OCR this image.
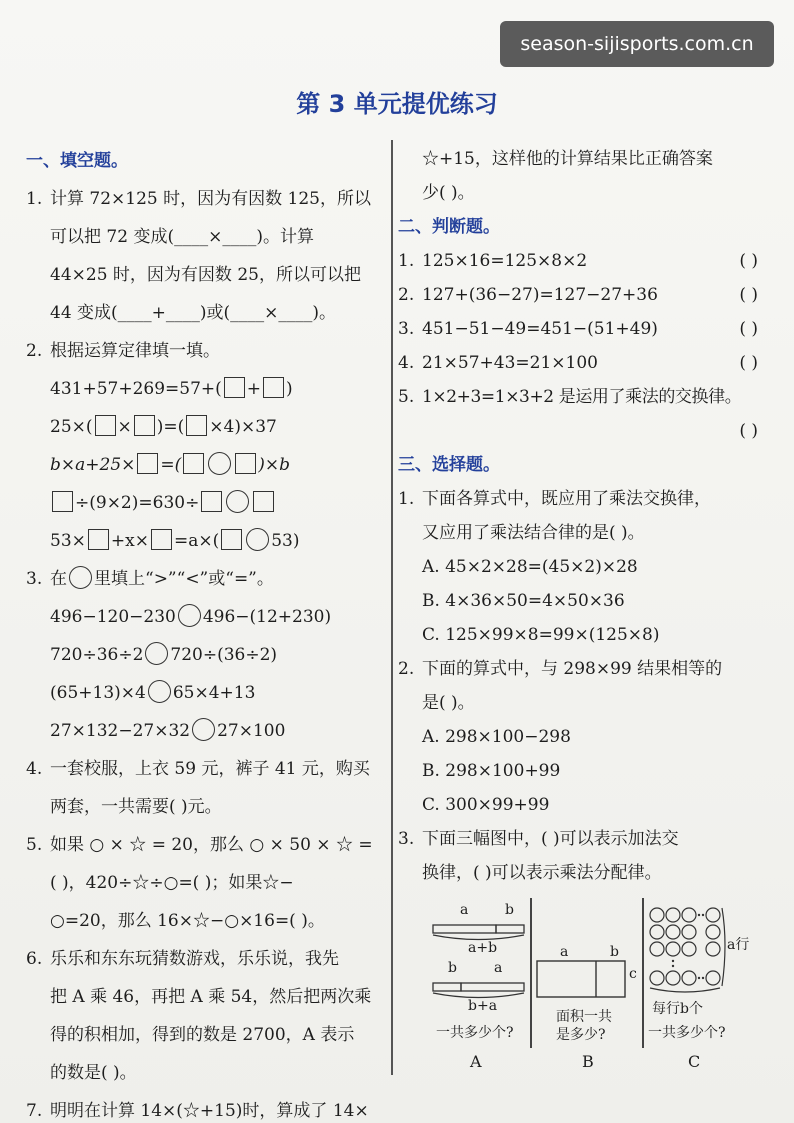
season-sijisports.com.cn
第 3 单元提优练习
一、填空题。
1. 计算 72×125 时，因为有因数 125，所以
可以把 72 变成(____×____)。计算
44×25 时，因为有因数 25，所以可以把
44 变成(____+____)或(____×____)。
2. 根据运算定律填一填。
431+57+269=57+( + )
25×( × )=( ×4)×37
b×a+25× =(	)×b
÷(9×2)=630÷
53× +x× =a×(	53)
3. 在 里填上“>”“<”或“=”。
496−120−230 496−(12+230)
720÷36÷2 720÷(36÷2)
(65+13)×4 65×4+13
27×132−27×32 27×100
4. 一套校服，上衣 59 元，裤子 41 元，购买
两套，一共需要( )元。
5. 如果 ○ × ☆ = 20，那么 ○ × 50 × ☆ =
( )，420÷☆÷○=( )；如果☆−
○=20，那么 16×☆−○×16=( )。
6. 乐乐和东东玩猜数游戏，乐乐说，我先
把 A 乘 46，再把 A 乘 54，然后把两次乘
得的积相加，得到的数是 2700，A 表示
的数是( )。
7. 明明在计算 14×(☆+15)时，算成了 14×
☆+15，这样他的计算结果比正确答案
少( )。
二、判断题。
1. 125×16=125×8×2	( )
2. 127+(36−27)=127−27+36	( )
3. 451−51−49=451−(51+49)	( )
4. 21×57+43=21×100	( )
5. 1×2+3=1×3+2 是运用了乘法的交换律。
( )
三、选择题。
1. 下面各算式中，既应用了乘法交换律，
又应用了乘法结合律的是( )。
A. 45×2×28=(45×2)×28
B. 4×36×50=4×50×36
C. 125×99×8=99×(125×8)
2. 下面的算式中，与 298×99 结果相等的
是( )。
A. 298×100−298
B. 298×100+99
C. 300×99+99
3. 下面三幅图中，( )可以表示加法交
换律，( )可以表示乘法分配律。
a	b
a+b
b	a
b+a
一共多少个?
A
a	b
c
面积一共
是多少?
B
a行
每行b个
一共多少个?
C
